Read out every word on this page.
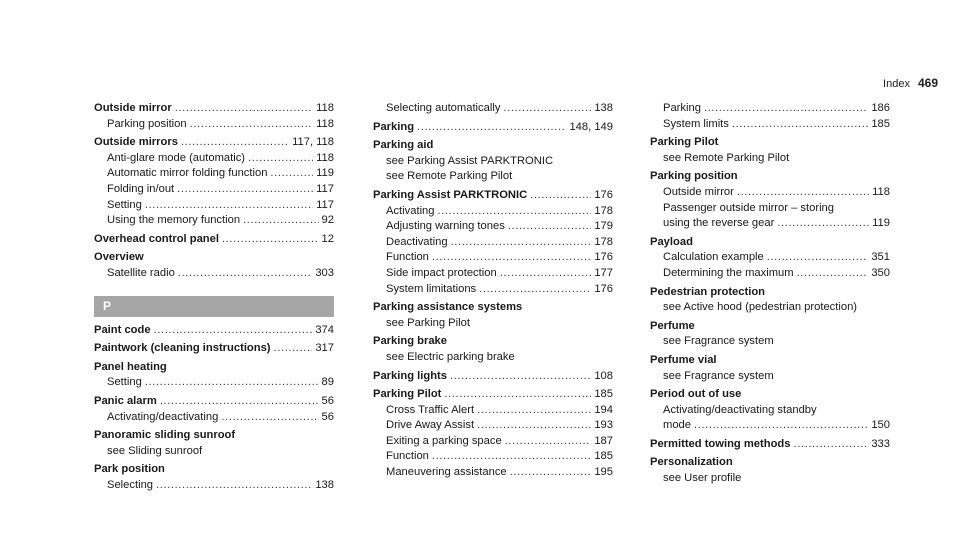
Index 469
Outside mirror .....	118
Parking position .....	118
Outside mirrors .....	117, 118
Anti-glare mode (automatic) .....	118
Automatic mirror folding function .....	119
Folding in/out .....	117
Setting .....	117
Using the memory function .....	92
Overhead control panel .....	12
Overview
Satellite radio .....	303
P
Paint code .....	374
Paintwork (cleaning instructions) .....	317
Panel heating
Setting .....	89
Panic alarm .....	56
Activating/deactivating .....	56
Panoramic sliding sunroof
see Sliding sunroof
Park position
Selecting .....	138
Selecting automatically .....	138
Parking .....	148, 149
Parking aid
see Parking Assist PARKTRONIC
see Remote Parking Pilot
Parking Assist PARKTRONIC .....	176
Activating .....	178
Adjusting warning tones .....	179
Deactivating .....	178
Function .....	176
Side impact protection .....	177
System limitations .....	176
Parking assistance systems
see Parking Pilot
Parking brake
see Electric parking brake
Parking lights .....	108
Parking Pilot .....	185
Cross Traffic Alert .....	194
Drive Away Assist .....	193
Exiting a parking space .....	187
Function .....	185
Maneuvering assistance .....	195
Parking .....	186
System limits .....	185
Parking Pilot
see Remote Parking Pilot
Parking position
Outside mirror .....	118
Passenger outside mirror – storing
using the reverse gear .....	119
Payload
Calculation example .....	351
Determining the maximum .....	350
Pedestrian protection
see Active hood (pedestrian protection)
Perfume
see Fragrance system
Perfume vial
see Fragrance system
Period out of use
Activating/deactivating standby
mode .....	150
Permitted towing methods .....	333
Personalization
see User profile
